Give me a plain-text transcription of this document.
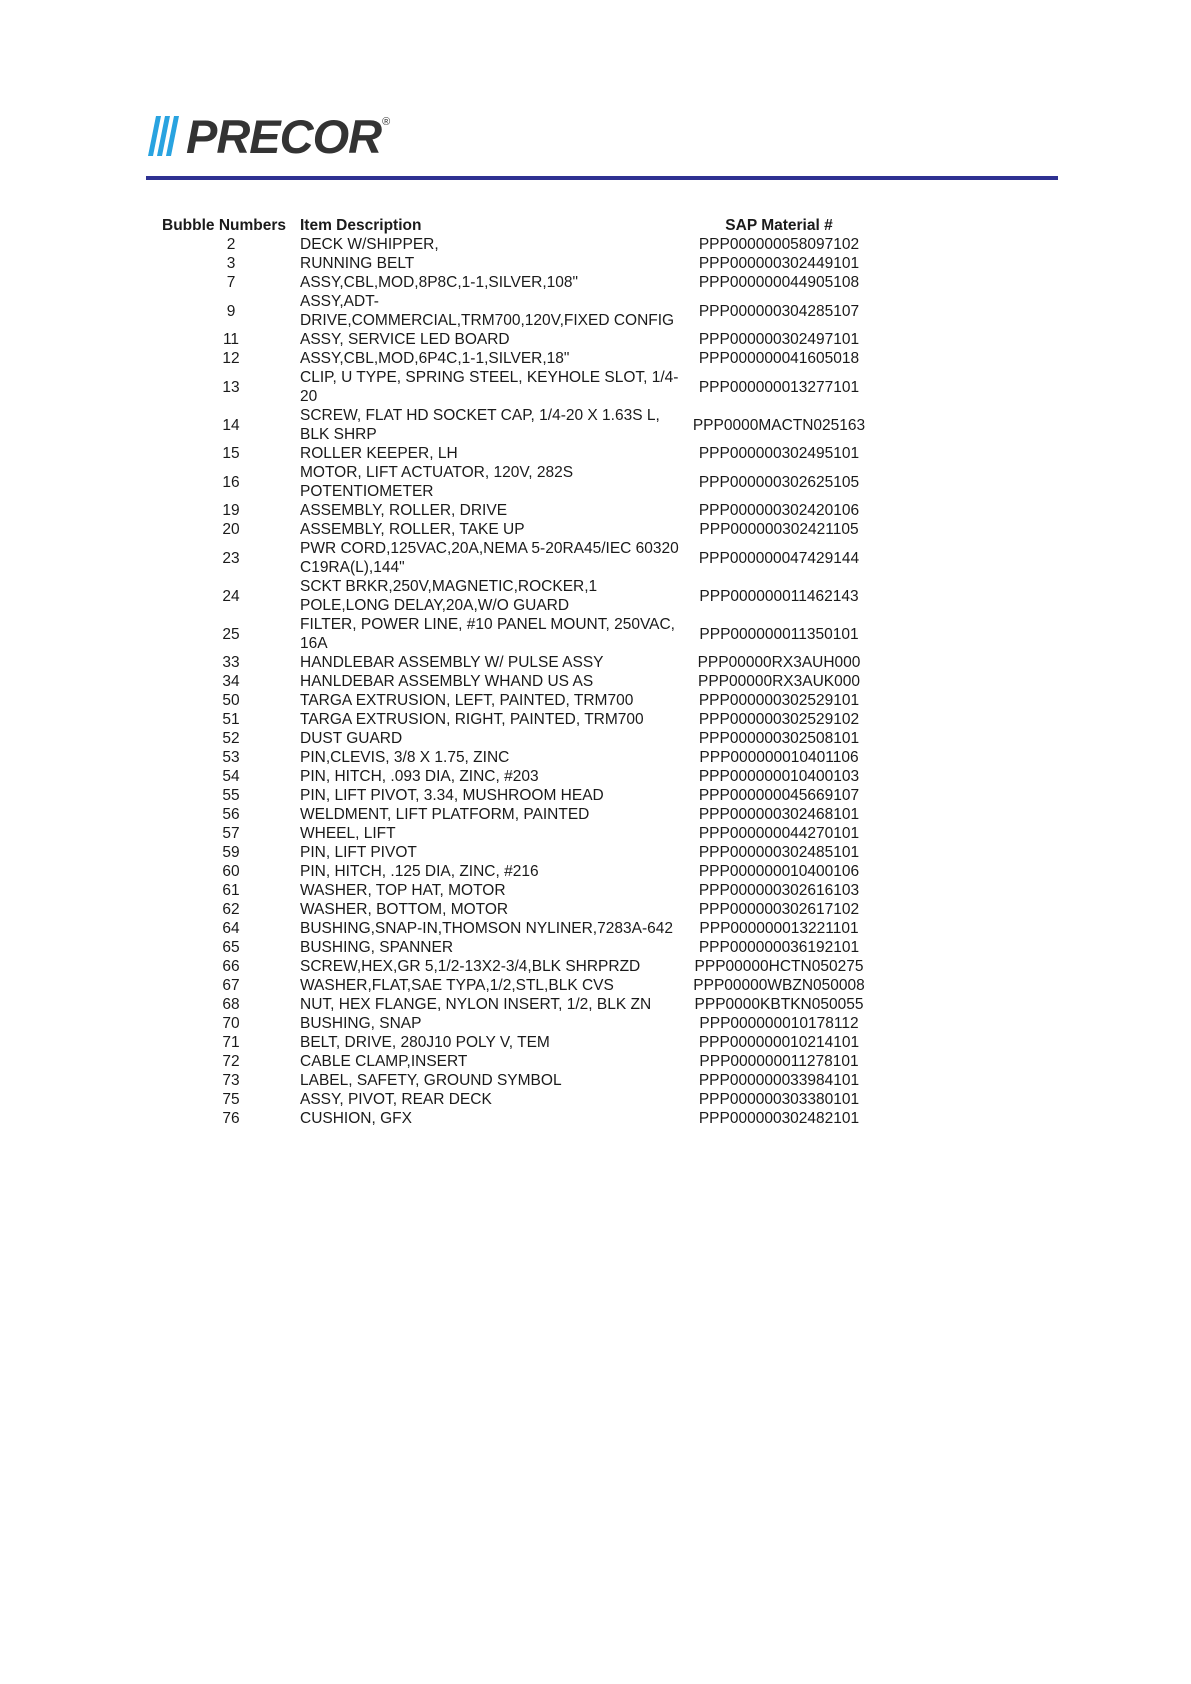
PRECOR ®
Bubble Numbers	Item Description	SAP Material #
2	DECK W/SHIPPER,	PPP000000058097102
3	RUNNING BELT	PPP000000302449101
7	ASSY,CBL,MOD,8P8C,1-1,SILVER,108"	PPP000000044905108
9	ASSY,ADT-DRIVE,COMMERCIAL,TRM700,120V,FIXED CONFIG	PPP000000304285107
11	ASSY, SERVICE LED BOARD	PPP000000302497101
12	ASSY,CBL,MOD,6P4C,1-1,SILVER,18"	PPP000000041605018
13	CLIP, U TYPE, SPRING STEEL, KEYHOLE SLOT, 1/4-20	PPP000000013277101
14	SCREW, FLAT HD SOCKET CAP, 1/4-20 X 1.63S L, BLK SHRP	PPP0000MACTN025163
15	ROLLER KEEPER, LH	PPP000000302495101
16	MOTOR, LIFT ACTUATOR, 120V, 282S POTENTIOMETER	PPP000000302625105
19	ASSEMBLY, ROLLER, DRIVE	PPP000000302420106
20	ASSEMBLY, ROLLER, TAKE UP	PPP000000302421105
23	PWR CORD,125VAC,20A,NEMA 5-20RA45/IEC 60320 C19RA(L),144"	PPP000000047429144
24	SCKT BRKR,250V,MAGNETIC,ROCKER,1 POLE,LONG DELAY,20A,W/O GUARD	PPP000000011462143
25	FILTER, POWER LINE, #10 PANEL MOUNT, 250VAC, 16A	PPP000000011350101
33	HANDLEBAR ASSEMBLY W/ PULSE ASSY	PPP00000RX3AUH000
34	HANLDEBAR ASSEMBLY WHAND US AS	PPP00000RX3AUK000
50	TARGA EXTRUSION, LEFT, PAINTED, TRM700	PPP000000302529101
51	TARGA EXTRUSION, RIGHT, PAINTED, TRM700	PPP000000302529102
52	DUST GUARD	PPP000000302508101
53	PIN,CLEVIS, 3/8 X 1.75, ZINC	PPP000000010401106
54	PIN, HITCH, .093 DIA, ZINC, #203	PPP000000010400103
55	PIN, LIFT PIVOT, 3.34, MUSHROOM HEAD	PPP000000045669107
56	WELDMENT, LIFT PLATFORM, PAINTED	PPP000000302468101
57	WHEEL, LIFT	PPP000000044270101
59	PIN, LIFT PIVOT	PPP000000302485101
60	PIN, HITCH, .125 DIA, ZINC, #216	PPP000000010400106
61	WASHER, TOP HAT, MOTOR	PPP000000302616103
62	WASHER, BOTTOM, MOTOR	PPP000000302617102
64	BUSHING,SNAP-IN,THOMSON NYLINER,7283A-642	PPP000000013221101
65	BUSHING, SPANNER	PPP000000036192101
66	SCREW,HEX,GR 5,1/2-13X2-3/4,BLK SHRPRZD	PPP00000HCTN050275
67	WASHER,FLAT,SAE TYPA,1/2,STL,BLK CVS	PPP00000WBZN050008
68	NUT, HEX FLANGE, NYLON INSERT, 1/2, BLK ZN	PPP0000KBTKN050055
70	BUSHING, SNAP	PPP000000010178112
71	BELT, DRIVE, 280J10 POLY V, TEM	PPP000000010214101
72	CABLE CLAMP,INSERT	PPP000000011278101
73	LABEL, SAFETY, GROUND SYMBOL	PPP000000033984101
75	ASSY, PIVOT, REAR DECK	PPP000000303380101
76	CUSHION, GFX	PPP000000302482101
